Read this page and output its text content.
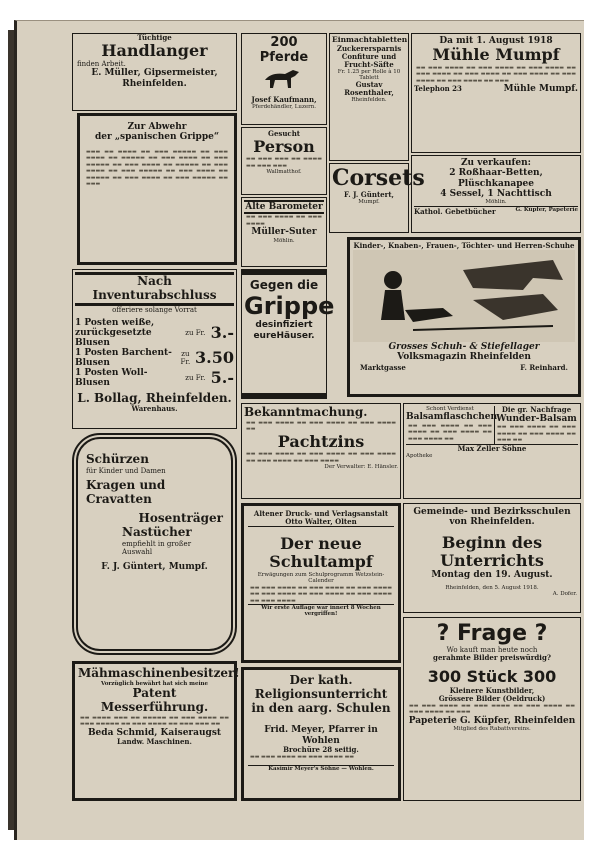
Tüchtige
Handlanger
finden Arbeit.
E. Müller, Gipsermeister, Rheinfelden.
Zur Abwehr
der „spanischen Grippe“
▬▬▬ ▬▬ ▬▬▬▬ ▬▬ ▬▬▬ ▬▬▬▬▬ ▬▬ ▬▬▬ ▬▬▬▬ ▬▬ ▬▬▬▬▬ ▬▬ ▬▬▬ ▬▬▬▬ ▬▬ ▬▬▬ ▬▬▬▬▬ ▬▬ ▬▬▬ ▬▬▬▬ ▬▬ ▬▬▬▬▬ ▬▬ ▬▬▬ ▬▬▬▬ ▬▬ ▬▬▬ ▬▬▬▬▬ ▬▬ ▬▬▬ ▬▬▬▬ ▬▬ ▬▬▬▬▬ ▬▬ ▬▬▬ ▬▬▬▬ ▬▬ ▬▬▬ ▬▬▬▬▬ ▬▬ ▬▬▬
Nach Inventurabschluss
offeriere solange Vorrat
1 Posten weiße, zurückgesetzte Blusen
zu Fr. 3.-
1 Posten Barchent-Blusen
zu Fr. 3.50
1 Posten Woll-Blusen	zu Fr. 5.-
L. Bollag, Rheinfelden.
Warenhaus.
Schürzen
für Kinder und Damen
Kragen und
Cravatten
Hosenträger
Nastücher
empfiehlt in großer
Auswahl
F. J. Güntert, Mumpf.
Mähmaschinenbesitzer!
Vorzüglich bewährt hat sich meine
Patent
Messerführung.
▬▬ ▬▬▬▬ ▬▬▬ ▬▬ ▬▬▬▬▬ ▬▬ ▬▬▬ ▬▬▬▬ ▬▬ ▬▬▬ ▬▬▬▬▬ ▬▬ ▬▬▬ ▬▬▬▬ ▬▬ ▬▬▬ ▬▬▬ ▬▬
Beda Schmid, Kaiseraugst
Landw. Maschinen.
200 Pferde
Josef Kaufmann,
Pferdehändler, Luzern.
Gesucht
Person
▬▬ ▬▬▬ ▬▬▬ ▬▬ ▬▬▬▬ ▬▬ ▬▬▬ ▬▬▬
Wallmatthof.
Alte Barometer
▬▬ ▬▬▬ ▬▬▬▬ ▬▬ ▬▬▬ ▬▬▬▬
Müller-Suter
Möhlin.
Gegen die
Grippe
desinfiziert
eureHäuser.
Einmachtabletten
Zuckerersparnis
Confiture und
Frucht-Säfte
Fr. 1.25 per Rolle à 10 Tablett
Gustav Rosenthaler,
Rheinfelden.
Corsets
F. J. Güntert,
Mumpf.
Da mit 1. August 1918
Mühle Mumpf
▬▬ ▬▬▬ ▬▬▬▬ ▬▬ ▬▬▬ ▬▬▬▬ ▬▬ ▬▬▬ ▬▬▬▬ ▬▬ ▬▬▬ ▬▬▬▬ ▬▬ ▬▬▬ ▬▬▬▬ ▬▬ ▬▬▬ ▬▬▬▬ ▬▬ ▬▬▬ ▬▬▬▬ ▬▬ ▬▬▬ ▬▬▬▬ ▬▬ ▬▬▬
Telephon 23	Mühle Mumpf.
Zu verkaufen:
2 Roßhaar-Betten,
Plüschkanapee
4 Sessel, 1 Nachttisch
Möhlin.
Kathol. Gebetbücher	G. Küpfer, Papeterie
Kinder-, Knaben-, Frauen-, Töchter- und Herren-Schuhe
Grosses Schuh- & Stiefellager
Volksmagazin Rheinfelden
Marktgasse	F. Reinhard.
Bekanntmachung.
▬▬ ▬▬▬ ▬▬▬▬ ▬▬ ▬▬▬ ▬▬▬▬ ▬▬ ▬▬▬ ▬▬▬▬ ▬▬
Pachtzins
▬▬ ▬▬▬ ▬▬▬▬ ▬▬ ▬▬▬ ▬▬▬▬ ▬▬ ▬▬▬ ▬▬▬▬ ▬▬ ▬▬▬ ▬▬▬▬ ▬▬ ▬▬▬ ▬▬▬▬
Der Verwalter: E. Hänsler.
Schont Verdienst
Balsamflaschchen
▬▬ ▬▬▬ ▬▬▬▬ ▬▬ ▬▬▬ ▬▬▬▬ ▬▬ ▬▬▬ ▬▬▬▬ ▬▬ ▬▬▬ ▬▬▬▬ ▬▬
Die gr. Nachfrage
Wunder-Balsam
▬▬ ▬▬▬ ▬▬▬▬ ▬▬ ▬▬▬ ▬▬▬▬ ▬▬ ▬▬▬ ▬▬▬▬ ▬▬ ▬▬▬ ▬▬
Max Zeller Söhne
Apotheke
Altener Druck- und Verlagsanstalt
Otto Walter, Olten
Der neue Schultampf
Erwägungen zum Schulprogramm Wetzstein-Calender
▬▬ ▬▬▬ ▬▬▬▬ ▬▬ ▬▬▬ ▬▬▬▬ ▬▬ ▬▬▬ ▬▬▬▬ ▬▬ ▬▬▬ ▬▬▬▬ ▬▬ ▬▬▬ ▬▬▬▬ ▬▬ ▬▬▬ ▬▬▬▬ ▬▬ ▬▬▬ ▬▬▬▬
Wir erste Auflage war innert 8 Wochen vergriffen!
Gemeinde- und Bezirksschulen von Rheinfelden.
Beginn des Unterrichts
Montag den 19. August.
Rheinfelden, den 5. August 1918.
A. Dofer.
? Frage ?
Wo kauft man heute noch
gerahmte Bilder preiswürdig?
300 Stück 300
Kleinere Kunstbilder,
Grössere Bilder (Oeldruck)
▬▬ ▬▬▬ ▬▬▬▬ ▬▬ ▬▬▬ ▬▬▬▬ ▬▬ ▬▬▬ ▬▬▬▬ ▬▬ ▬▬▬ ▬▬▬▬ ▬▬ ▬▬▬
Papeterie G. Küpfer, Rheinfelden
Mitglied des Rabattvereins.
Der kath. Religionsunterricht in den aarg. Schulen
Frid. Meyer, Pfarrer in Wohlen
Brochüre 28 seitig.
▬▬ ▬▬▬ ▬▬▬▬ ▬▬ ▬▬▬ ▬▬▬▬ ▬▬
Kasimir Meyer's Söhne — Wohlen.
